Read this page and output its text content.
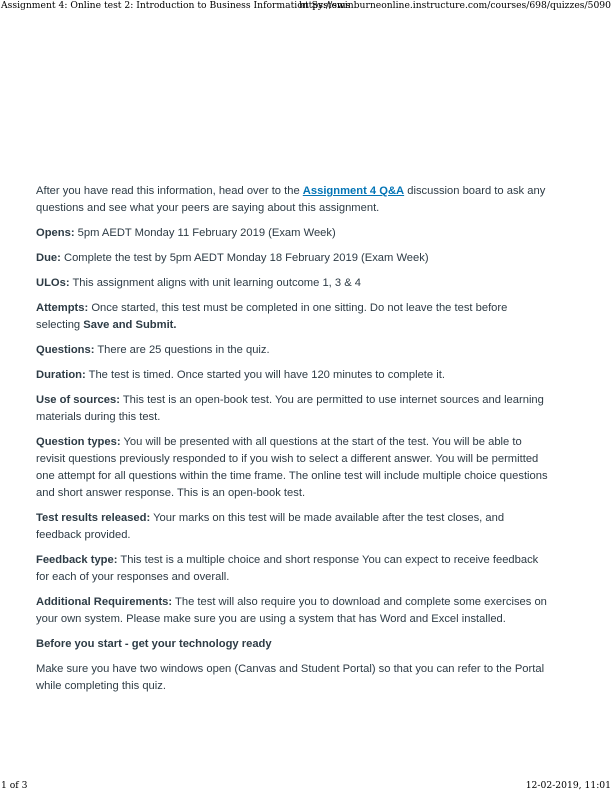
Assignment 4: Online test 2: Introduction to Business Information Systems
https://swinburneonline.instructure.com/courses/698/quizzes/5090

After you have read this information, head over to the Assignment 4 Q&A discussion board to ask any questions and see what your peers are saying about this assignment.

Opens: 5pm AEDT Monday 11 February 2019 (Exam Week)

Due: Complete the test by 5pm AEDT Monday 18 February 2019 (Exam Week)

ULOs: This assignment aligns with unit learning outcome 1, 3 & 4

Attempts: Once started, this test must be completed in one sitting. Do not leave the test before selecting Save and Submit.

Questions: There are 25 questions in the quiz.

Duration: The test is timed. Once started you will have 120 minutes to complete it.

Use of sources: This test is an open-book test. You are permitted to use internet sources and learning materials during this test.

Question types: You will be presented with all questions at the start of the test. You will be able to revisit questions previously responded to if you wish to select a different answer. You will be permitted one attempt for all questions within the time frame. The online test will include multiple choice questions and short answer response. This is an open-book test.

Test results released: Your marks on this test will be made available after the test closes, and feedback provided.

Feedback type: This test is a multiple choice and short response You can expect to receive feedback for each of your responses and overall.

Additional Requirements: The test will also require you to download and complete some exercises on your own system. Please make sure you are using a system that has Word and Excel installed.

Before you start - get your technology ready

Make sure you have two windows open (Canvas and Student Portal) so that you can refer to the Portal while completing this quiz.

1 of 3	12-02-2019, 11:01
